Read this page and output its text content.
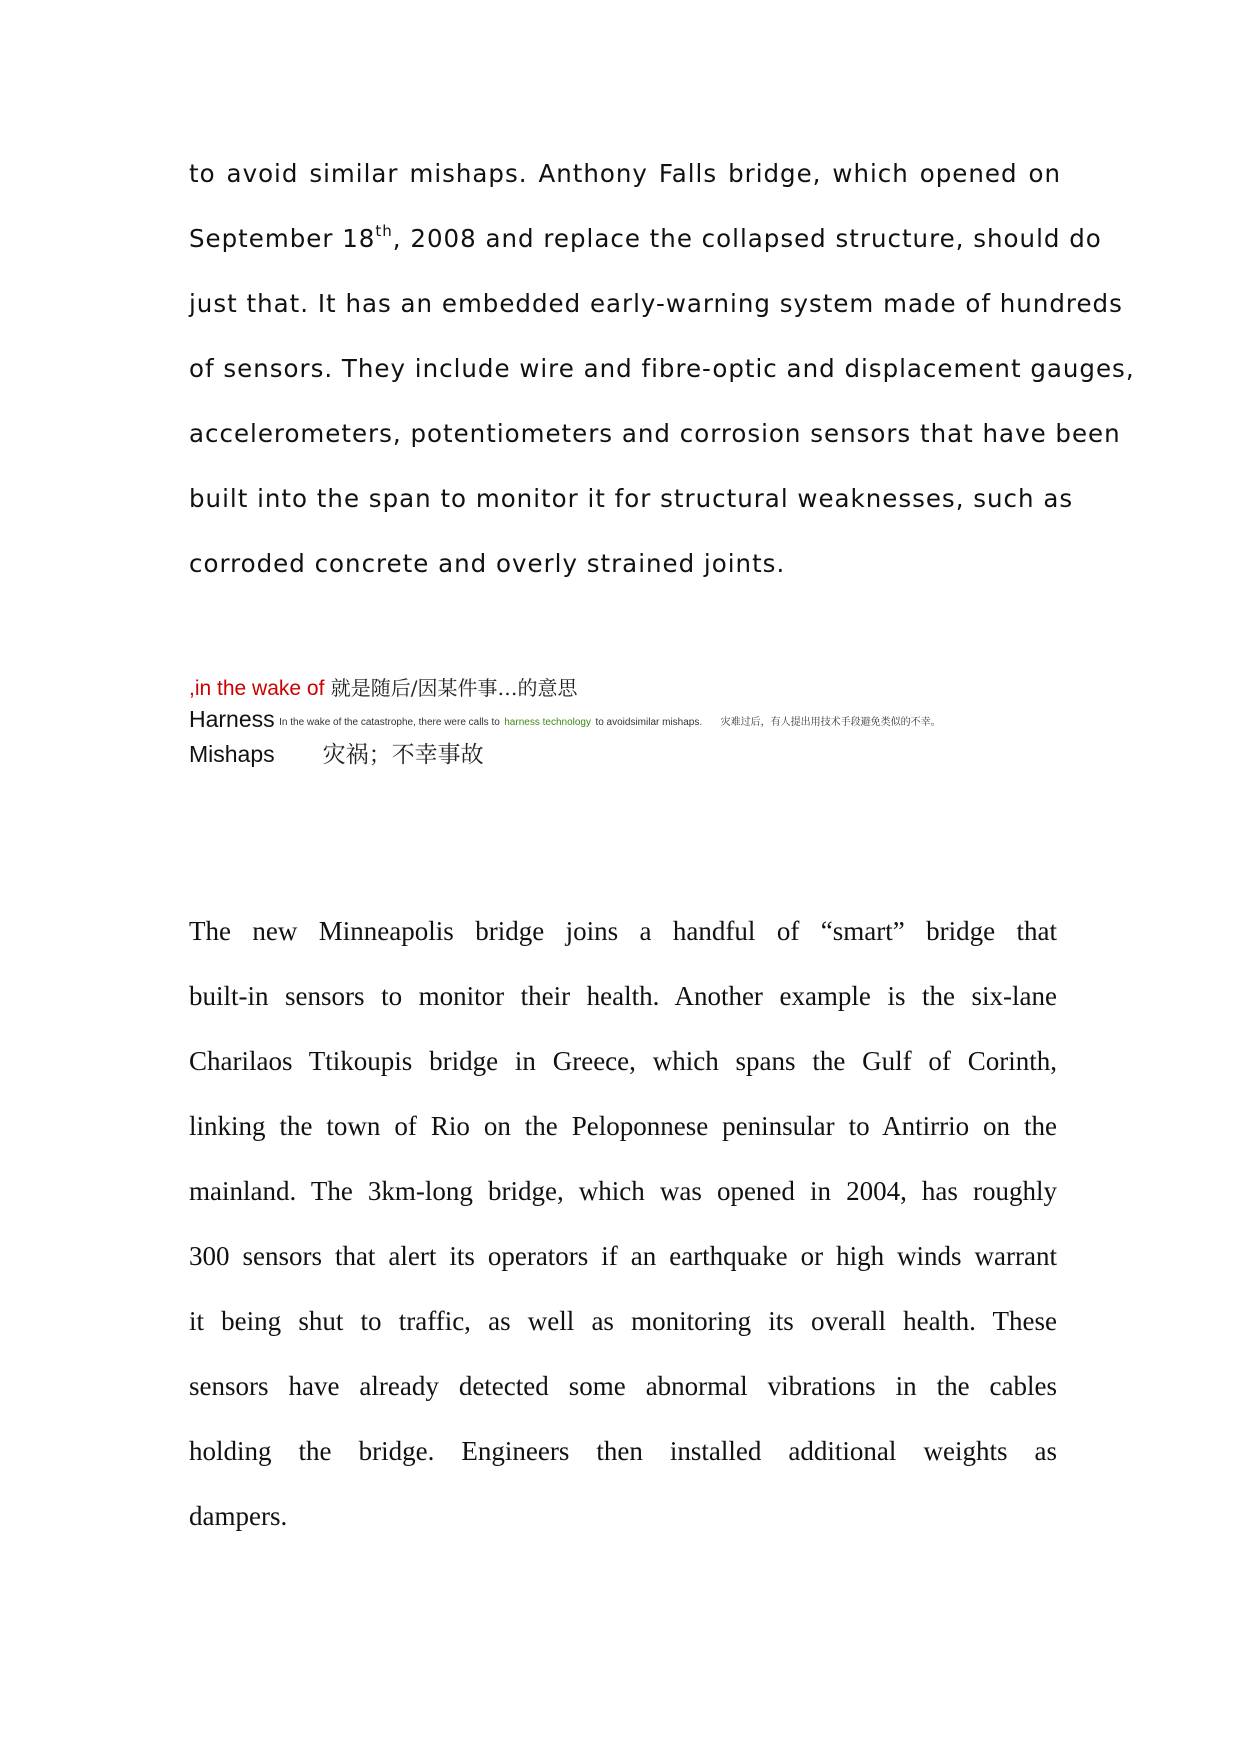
to avoid similar mishaps. Anthony Falls bridge, which opened on
September 18th, 2008 and replace the collapsed structure, should do
just that. It has an embedded early-warning system made of hundreds
of sensors. They include wire and fibre-optic and displacement gauges,
accelerometers, potentiometers and corrosion sensors that have been
built into the span to monitor it for structural weaknesses, such as
corroded concrete and overly strained joints.
,in the wake of 就是随后/因某件事…的意思
Harness In the wake of the catastrophe, there were calls to harness technology to avoidsimilar mishaps. 灾难过后，有人提出用技术手段避免类似的不幸。
Mishaps 灾祸；不幸事故
The new Minneapolis bridge joins a handful of “smart” bridge that
built-in sensors to monitor their health. Another example is the six-lane
Charilaos Ttikoupis bridge in Greece, which spans the Gulf of Corinth,
linking the town of Rio on the Peloponnese peninsular to Antirrio on the
mainland. The 3km-long bridge, which was opened in 2004, has roughly
300 sensors that alert its operators if an earthquake or high winds warrant
it being shut to traffic, as well as monitoring its overall health. These
sensors have already detected some abnormal vibrations in the cables
holding the bridge. Engineers then installed additional weights as
dampers.
